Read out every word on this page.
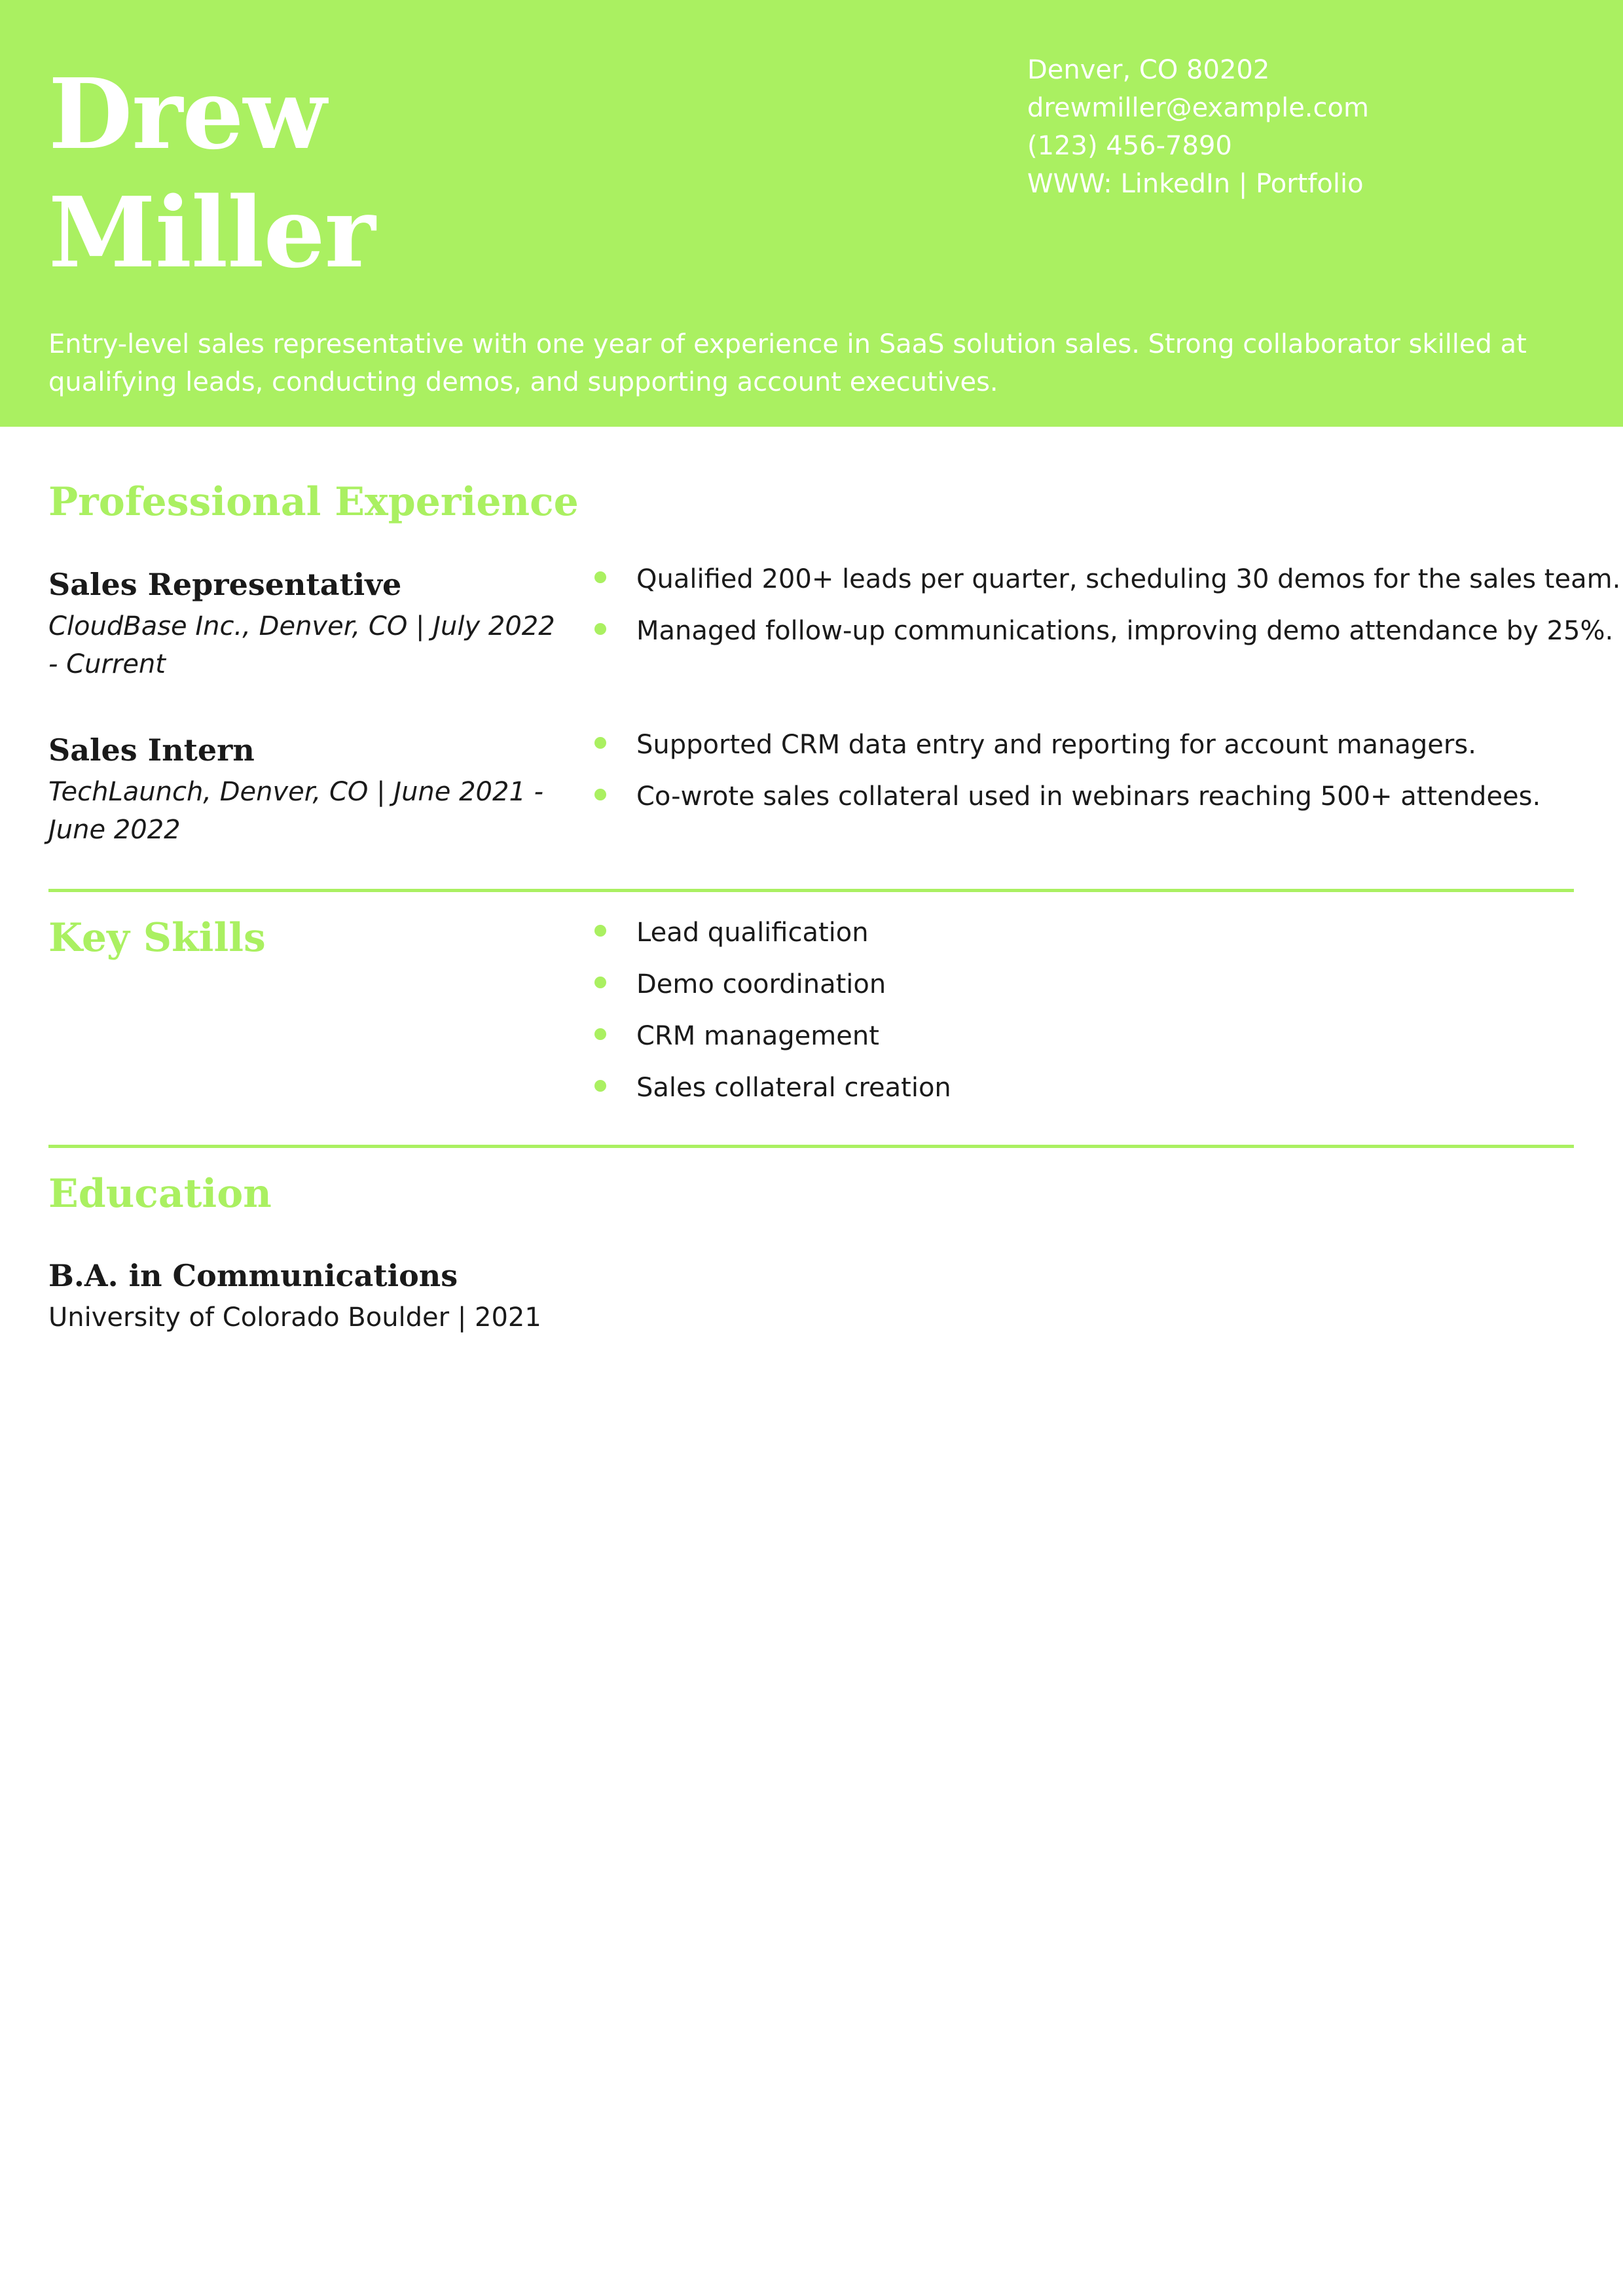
Drew
Miller
Denver, CO 80202
drewmiller@example.com
(123) 456-7890
WWW: LinkedIn | Portfolio
Entry-level sales representative with one year of experience in SaaS solution sales. Strong collaborator skilled at qualifying leads, conducting demos, and supporting account executives.
Professional Experience
Sales Representative
CloudBase Inc., Denver, CO | July 2022 - Current
Qualified 200+ leads per quarter, scheduling 30 demos for the sales team.
Managed follow-up communications, improving demo attendance by 25%.
Sales Intern
TechLaunch, Denver, CO | June 2021 - June 2022
Supported CRM data entry and reporting for account managers.
Co-wrote sales collateral used in webinars reaching 500+ attendees.
Key Skills	Lead qualification
Demo coordination
CRM management
Sales collateral creation
Education
B.A. in Communications
University of Colorado Boulder | 2021
